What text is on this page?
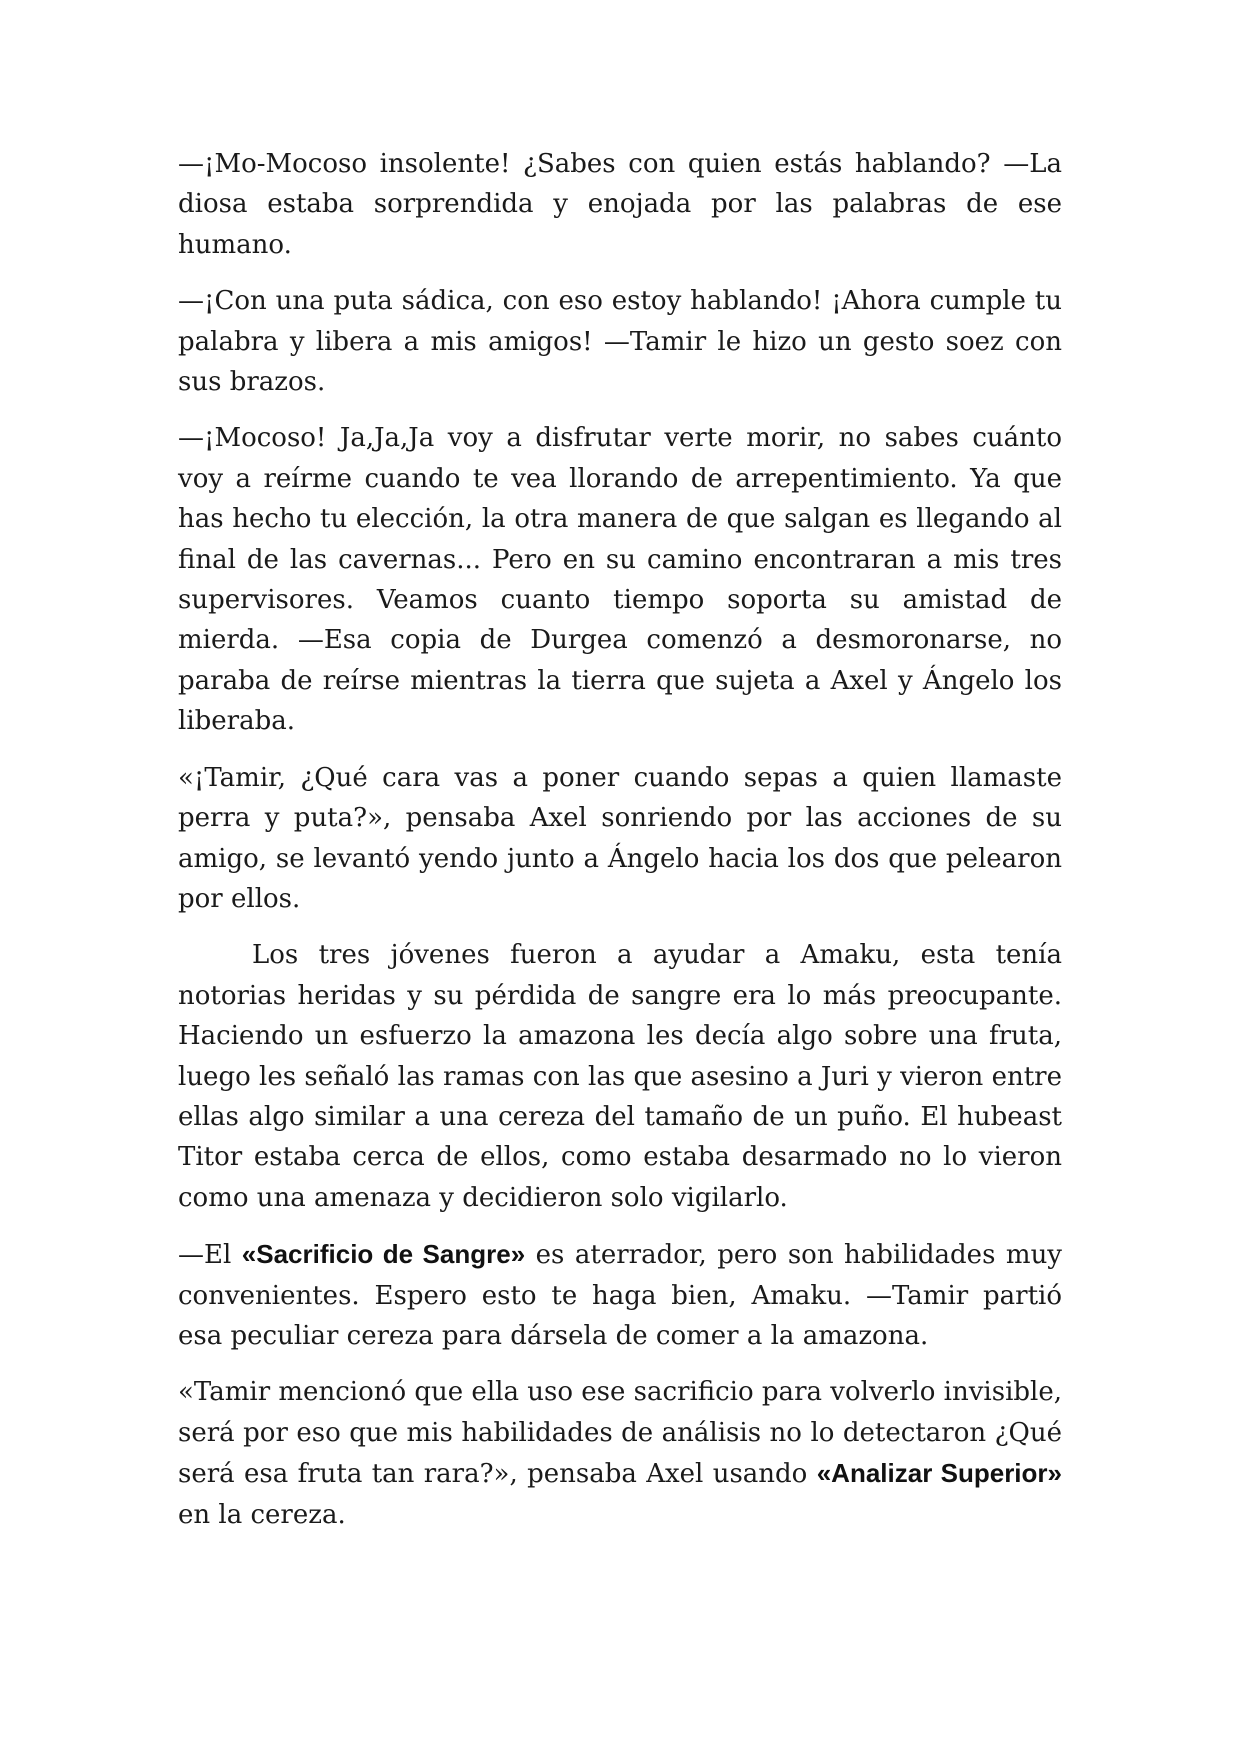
—¡Mo-Mocoso insolente! ¿Sabes con quien estás hablando? —La diosa estaba sorprendida y enojada por las palabras de ese humano.

—¡Con una puta sádica, con eso estoy hablando! ¡Ahora cumple tu palabra y libera a mis amigos! —Tamir le hizo un gesto soez con sus brazos.

—¡Mocoso! Ja,Ja,Ja voy a disfrutar verte morir, no sabes cuánto voy a reírme cuando te vea llorando de arrepentimiento. Ya que has hecho tu elección, la otra manera de que salgan es llegando al final de las cavernas... Pero en su camino encontraran a mis tres supervisores. Veamos cuanto tiempo soporta su amistad de mierda. —Esa copia de Durgea comenzó a desmoronarse, no paraba de reírse mientras la tierra que sujeta a Axel y Ángelo los liberaba.

«¡Tamir, ¿Qué cara vas a poner cuando sepas a quien llamaste perra y puta?», pensaba Axel sonriendo por las acciones de su amigo, se levantó yendo junto a Ángelo hacia los dos que pelearon por ellos.

Los tres jóvenes fueron a ayudar a Amaku, esta tenía notorias heridas y su pérdida de sangre era lo más preocupante. Haciendo un esfuerzo la amazona les decía algo sobre una fruta, luego les señaló las ramas con las que asesino a Juri y vieron entre ellas algo similar a una cereza del tamaño de un puño. El hubeast Titor estaba cerca de ellos, como estaba desarmado no lo vieron como una amenaza y decidieron solo vigilarlo.

—El «Sacrificio de Sangre» es aterrador, pero son habilidades muy convenientes. Espero esto te haga bien, Amaku. —Tamir partió esa peculiar cereza para dársela de comer a la amazona.

«Tamir mencionó que ella uso ese sacrificio para volverlo invisible, será por eso que mis habilidades de análisis no lo detectaron ¿Qué será esa fruta tan rara?», pensaba Axel usando «Analizar Superior» en la cereza.
